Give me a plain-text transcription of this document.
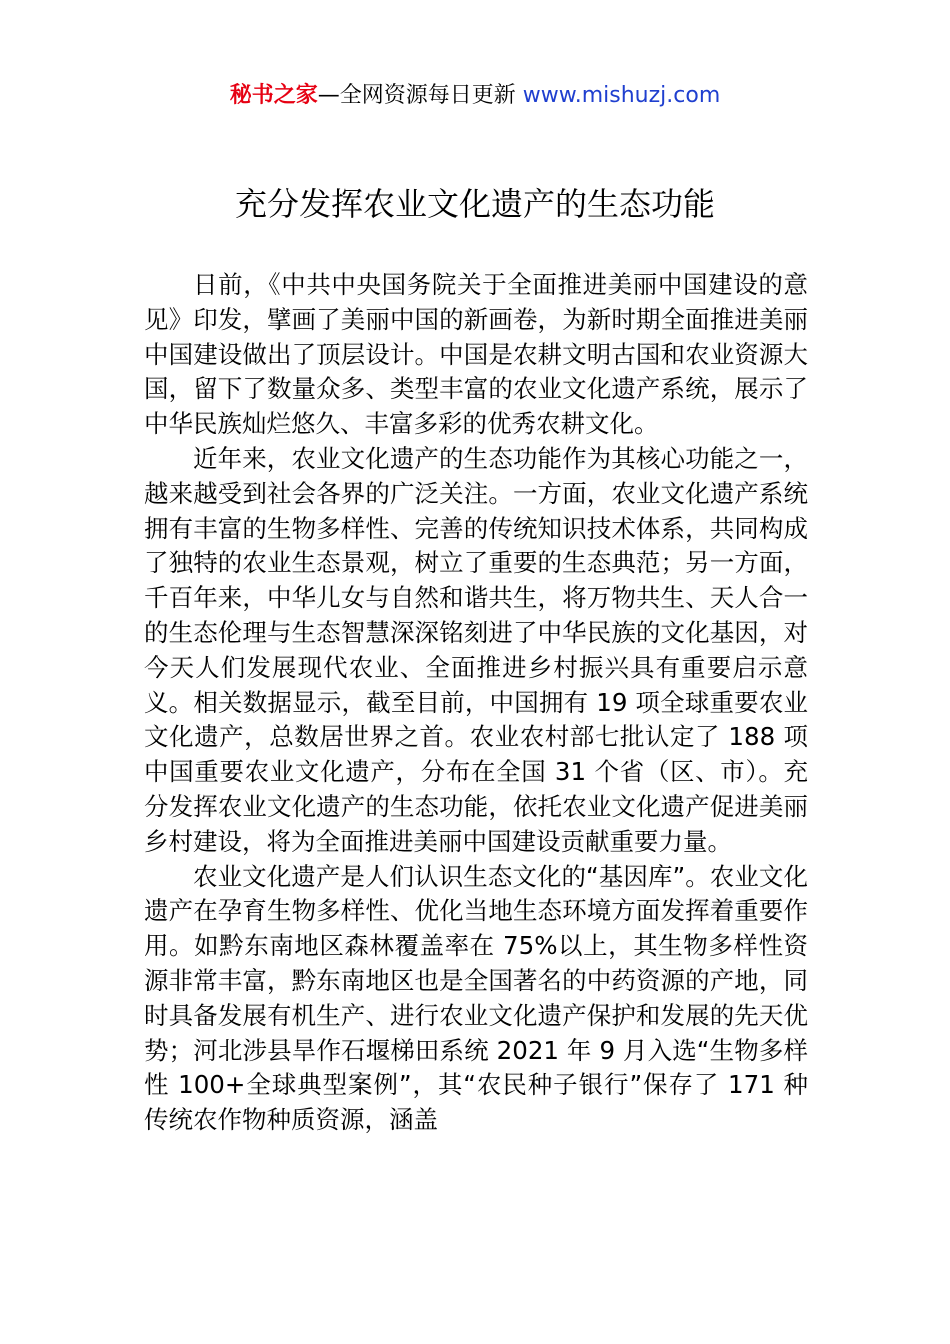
秘书之家—全网资源每日更新 www.mishuzj.com
充分发挥农业文化遗产的生态功能

日前，《中共中央国务院关于全面推进美丽中国建设的意见》印发，擘画了美丽中国的新画卷，为新时期全面推进美丽中国建设做出了顶层设计。中国是农耕文明古国和农业资源大国，留下了数量众多、类型丰富的农业文化遗产系统，展示了中华民族灿烂悠久、丰富多彩的优秀农耕文化。

近年来，农业文化遗产的生态功能作为其核心功能之一，越来越受到社会各界的广泛关注。一方面，农业文化遗产系统拥有丰富的生物多样性、完善的传统知识技术体系，共同构成了独特的农业生态景观，树立了重要的生态典范；另一方面，千百年来，中华儿女与自然和谐共生，将万物共生、天人合一的生态伦理与生态智慧深深铭刻进了中华民族的文化基因，对今天人们发展现代农业、全面推进乡村振兴具有重要启示意义。相关数据显示，截至目前，中国拥有 19 项全球重要农业文化遗产，总数居世界之首。农业农村部七批认定了 188 项中国重要农业文化遗产，分布在全国 31 个省（区、市）。充分发挥农业文化遗产的生态功能，依托农业文化遗产促进美丽乡村建设，将为全面推进美丽中国建设贡献重要力量。

农业文化遗产是人们认识生态文化的“基因库”。农业文化遗产在孕育生物多样性、优化当地生态环境方面发挥着重要作用。如黔东南地区森林覆盖率在 75%以上，其生物多样性资源非常丰富，黔东南地区也是全国著名的中药资源的产地，同时具备发展有机生产、进行农业文化遗产保护和发展的先天优势；河北涉县旱作石堰梯田系统 2021 年 9 月入选“生物多样性 100+全球典型案例”，其“农民种子银行”保存了 171 种传统农作物种质资源，涵盖
